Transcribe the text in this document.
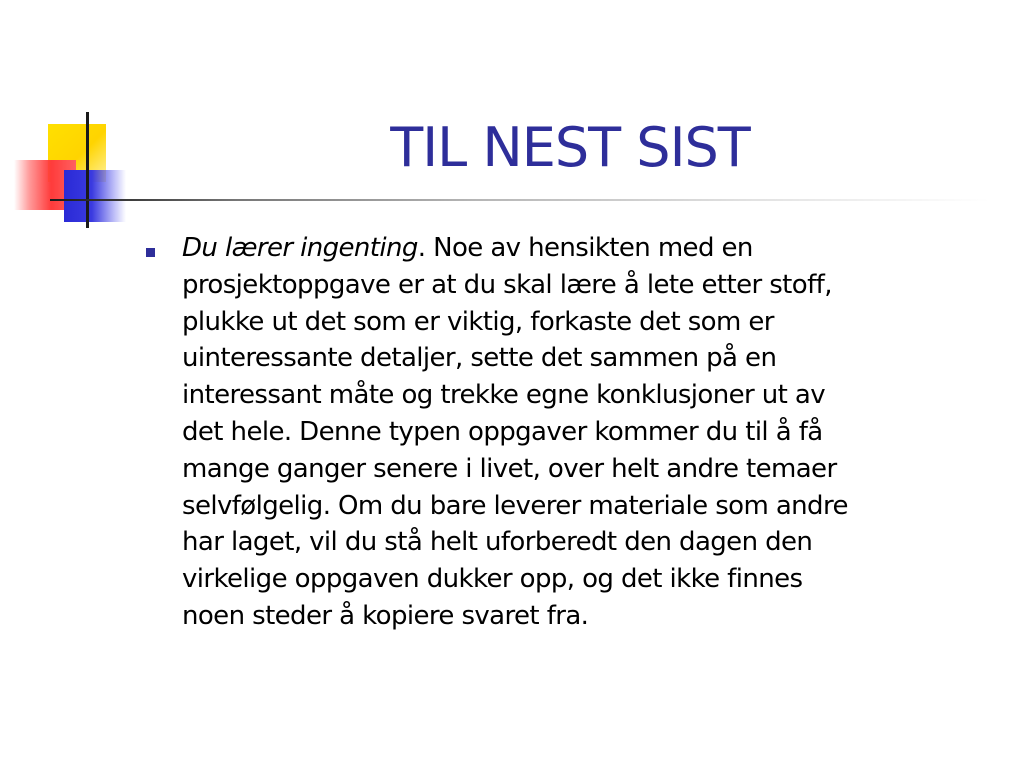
TIL NEST SIST
Du lærer ingenting. Noe av hensikten med en
prosjektoppgave er at du skal lære å lete etter stoff,
plukke ut det som er viktig, forkaste det som er
uinteressante detaljer, sette det sammen på en
interessant måte og trekke egne konklusjoner ut av
det hele. Denne typen oppgaver kommer du til å få
mange ganger senere i livet, over helt andre temaer
selvfølgelig. Om du bare leverer materiale som andre
har laget, vil du stå helt uforberedt den dagen den
virkelige oppgaven dukker opp, og det ikke finnes
noen steder å kopiere svaret fra.
